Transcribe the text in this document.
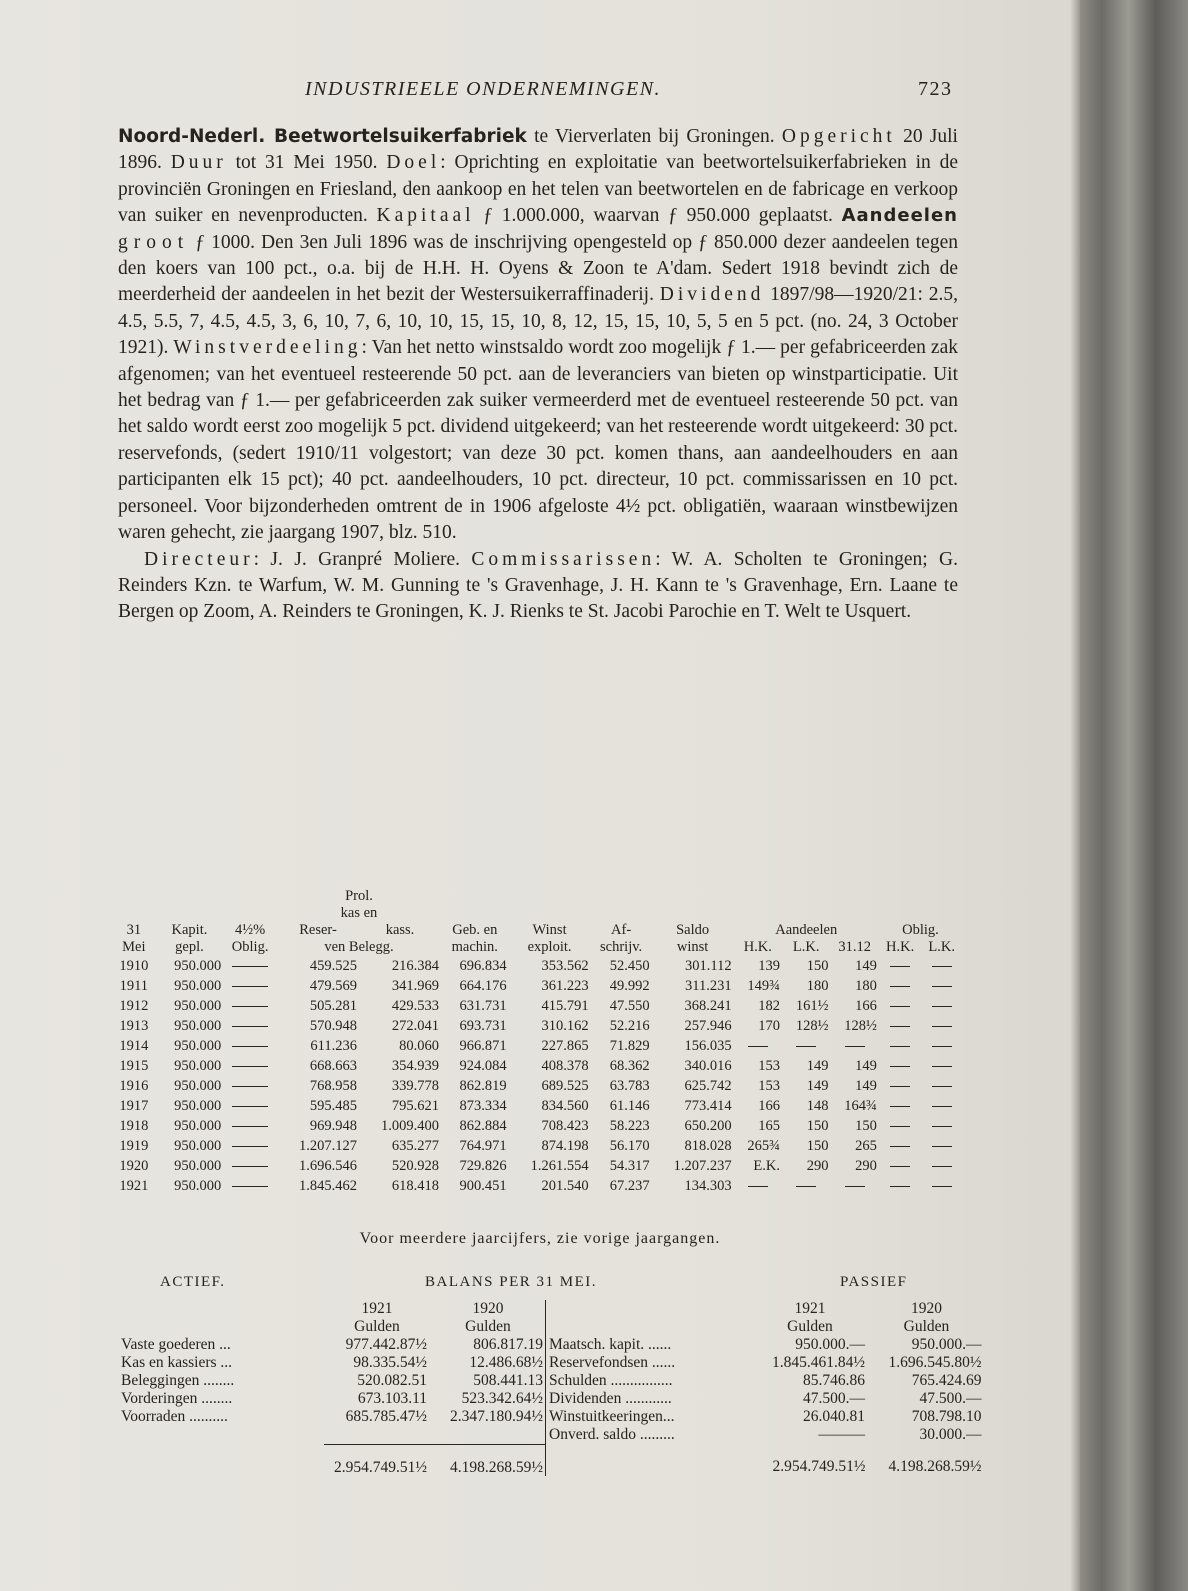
INDUSTRIEELE ONDERNEMINGEN.	723

Noord-Nederl. Beetwortelsuikerfabriek te Vierverlaten bij Groningen. Opgericht 20 Juli 1896. Duur tot 31 Mei 1950. Doel: Oprichting en exploitatie van beetwortelsuikerfabrieken in de provinciën Groningen en Friesland, den aankoop en het telen van beetwortelen en de fabricage en verkoop van suiker en nevenproducten. Kapitaal ƒ 1.000.000, waarvan ƒ 950.000 geplaatst. Aandeelen groot ƒ 1000. Den 3en Juli 1896 was de inschrijving opengesteld op ƒ 850.000 dezer aandeelen tegen den koers van 100 pct., o.a. bij de H.H. H. Oyens & Zoon te A'dam. Sedert 1918 bevindt zich de meerderheid der aandeelen in het bezit der Westersuikerraffinaderij. Dividend 1897/98—1920/21: 2.5, 4.5, 5.5, 7, 4.5, 4.5, 3, 6, 10, 7, 6, 10, 10, 15, 15, 10, 8, 12, 15, 15, 10, 5, 5 en 5 pct. (no. 24, 3 October 1921). Winstverdeeling: Van het netto winstsaldo wordt zoo mogelijk ƒ 1.— per gefabriceerden zak afgenomen; van het eventueel resteerende 50 pct. aan de leveranciers van bieten op winstparticipatie. Uit het bedrag van ƒ 1.— per gefabriceerden zak suiker vermeerderd met de eventueel resteerende 50 pct. van het saldo wordt eerst zoo mogelijk 5 pct. dividend uitgekeerd; van het resteerende wordt uitgekeerd: 30 pct. reservefonds, (sedert 1910/11 volgestort; van deze 30 pct. komen thans, aan aandeelhouders en aan participanten elk 15 pct); 40 pct. aandeelhouders, 10 pct. directeur, 10 pct. commissarissen en 10 pct. personeel. Voor bijzonderheden omtrent de in 1906 afgeloste 4½ pct. obligatiën, waaraan winstbewijzen waren gehecht, zie jaargang 1907, blz. 510.

Directeur: J. J. Granpré Moliere. Commissarissen: W. A. Scholten te Groningen; G. Reinders Kzn. te Warfum, W. M. Gunning te 's Gravenhage, J. H. Kann te 's Gravenhage, Ern. Laane te Bergen op Zoom, A. Reinders te Groningen, K. J. Rienks te St. Jacobi Parochie en T. Welt te Usquert.

			Prol.										
			kas en										
31	Kapit.	4½%	Reser-	kass.	Geb. en	Winst	Af-	Saldo	Aandeelen			Oblig.	
Mei	gepl.	Oblig.	ven Belegg.		machin.	exploit.	schrijv.	winst	H.K.	L.K.	31.12	H.K.	L.K.
1910	950.000		459.525	216.384	696.834	353.562	52.450	301.112	139	150	149		
1911	950.000		479.569	341.969	664.176	361.223	49.992	311.231	149¾	180	180		
1912	950.000		505.281	429.533	631.731	415.791	47.550	368.241	182	161½	166		
1913	950.000		570.948	272.041	693.731	310.162	52.216	257.946	170	128½	128½		
1914	950.000		611.236	80.060	966.871	227.865	71.829	156.035					
1915	950.000		668.663	354.939	924.084	408.378	68.362	340.016	153	149	149		
1916	950.000		768.958	339.778	862.819	689.525	63.783	625.742	153	149	149		
1917	950.000		595.485	795.621	873.334	834.560	61.146	773.414	166	148	164¾		
1918	950.000		969.948	1.009.400	862.884	708.423	58.223	650.200	165	150	150		
1919	950.000		1.207.127	635.277	764.971	874.198	56.170	818.028	265¾	150	265		
1920	950.000		1.696.546	520.928	729.826	1.261.554	54.317	1.207.237	E.K.	290	290		
1921	950.000		1.845.462	618.418	900.451	201.540	67.237	134.303					
Voor meerdere jaarcijfers, zie vorige jaargangen.
ACTIEF.	BALANS PER 31 MEI.	PASSIEF
	1921	1920
	Gulden	Gulden
Vaste goederen ...	977.442.87½	806.817.19
Kas en kassiers ...	98.335.54½	12.486.68½
Beleggingen ........	520.082.51	508.441.13
Vorderingen ........	673.103.11	523.342.64½
Voorraden ..........	685.785.47½	2.347.180.94½

	2.954.749.51½	4.198.268.59½
	1921	1920
	Gulden	Gulden
Maatsch. kapit. ......	950.000.—	950.000.—
Reservefondsen ......	1.845.461.84½	1.696.545.80½
Schulden ................	85.746.86	765.424.69
Dividenden ............	47.500.—	47.500.—
Winstuitkeeringen...	26.040.81	708.798.10
Onverd. saldo .........	———	30.000.—
	2.954.749.51½	4.198.268.59½
